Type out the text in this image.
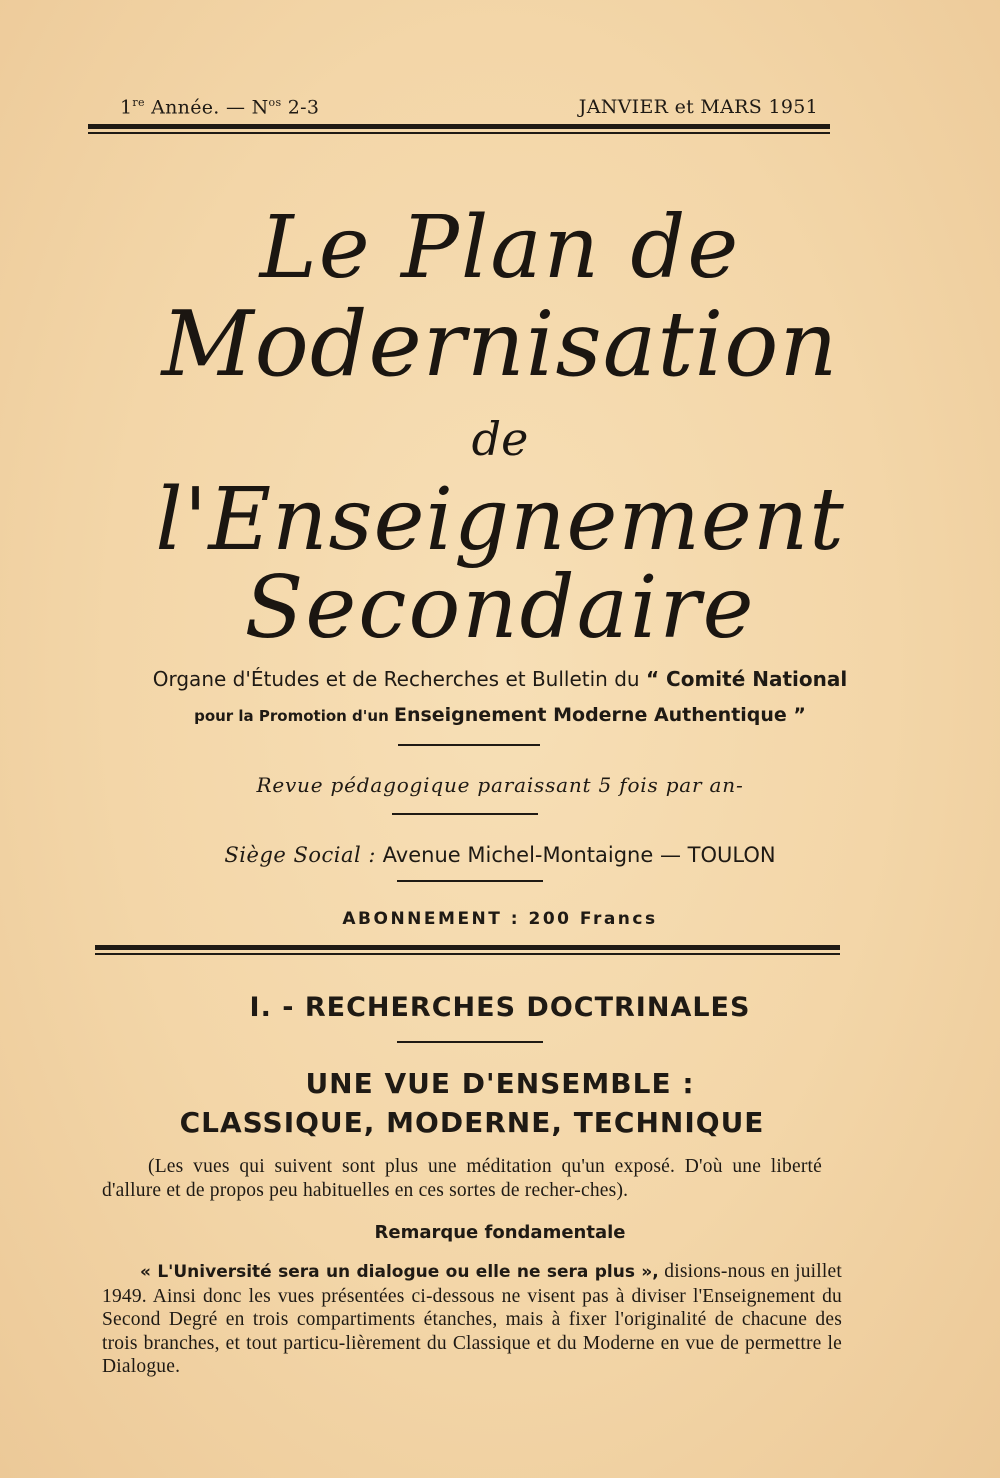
1re Année. — $N^{os}$ 2-3	JANVIER et MARS 1951
Le Plan de
Modernisation
de
l'Enseignement
Secondaire
Organe d'Études et de Recherches et Bulletin du “ Comité National
pour la Promotion d'un Enseignement Moderne Authentique ”
Revue pédagogique paraissant 5 fois par an-
Siège Social : Avenue Michel-Montaigne — TOULON
ABONNEMENT : 200 Francs
I. - RECHERCHES DOCTRINALES
UNE VUE D'ENSEMBLE :
CLASSIQUE, MODERNE, TECHNIQUE
(Les vues qui suivent sont plus une méditation qu'un exposé. D'où une liberté d'allure et de propos peu habituelles en ces sortes de recher-ches).
Remarque fondamentale
« L'Université sera un dialogue ou elle ne sera plus », disions-nous en juillet 1949. Ainsi donc les vues présentées ci-dessous ne visent pas à diviser l'Enseignement du Second Degré en trois compartiments étanches, mais à fixer l'originalité de chacune des trois branches, et tout particu-lièrement du Classique et du Moderne en vue de permettre le Dialogue.
